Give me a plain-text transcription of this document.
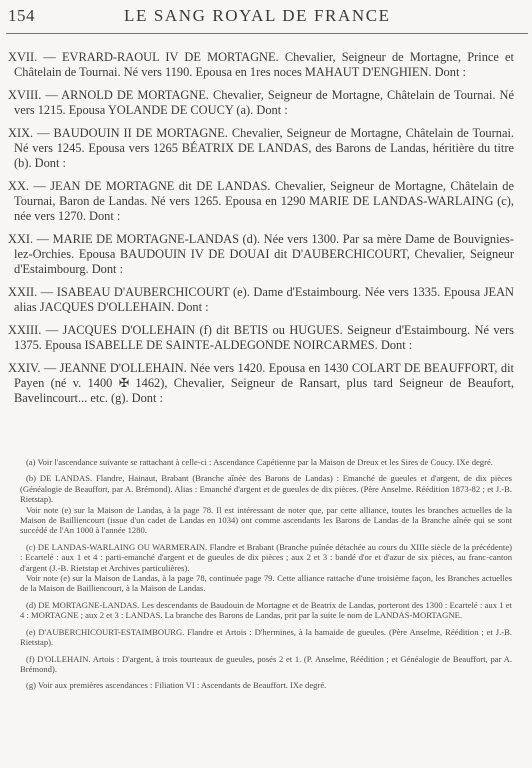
154	LE SANG ROYAL DE FRANCE

XVII. — EVRARD-RAOUL IV DE MORTAGNE. Chevalier, Seigneur de Mortagne, Prince et Châtelain de Tournai. Né vers 1190. Epousa en 1res noces MAHAUT D'ENGHIEN. Dont :

XVIII. — ARNOLD DE MORTAGNE. Chevalier, Seigneur de Mortagne, Châtelain de Tournai. Né vers 1215. Epousa YOLANDE DE COUCY (a). Dont :

XIX. — BAUDOUIN II DE MORTAGNE. Chevalier, Seigneur de Mortagne, Châtelain de Tournai. Né vers 1245. Epousa vers 1265 BÉATRIX DE LANDAS, des Barons de Landas, héritière du titre (b). Dont :

XX. — JEAN DE MORTAGNE dit DE LANDAS. Chevalier, Seigneur de Mortagne, Châtelain de Tournai, Baron de Landas. Né vers 1265. Epousa en 1290 MARIE DE LANDAS-WARLAING (c), née vers 1270. Dont :

XXI. — MARIE DE MORTAGNE-LANDAS (d). Née vers 1300. Par sa mère Dame de Bouvignies-lez-Orchies. Epousa BAUDOUIN IV DE DOUAI dit D'AUBERCHICOURT, Chevalier, Seigneur d'Estaimbourg. Dont :

XXII. — ISABEAU D'AUBERCHICOURT (e). Dame d'Estaimbourg. Née vers 1335. Epousa JEAN alias JACQUES D'OLLEHAIN. Dont :

XXIII. — JACQUES D'OLLEHAIN (f) dit BETIS ou HUGUES. Seigneur d'Estaimbourg. Né vers 1375. Epousa ISABELLE DE SAINTE-ALDEGONDE NOIRCARMES. Dont :

XXIV. — JEANNE D'OLLEHAIN. Née vers 1420. Epousa en 1430 COLART DE BEAUFFORT, dit Payen (né v. 1400 ✠ 1462), Chevalier, Seigneur de Ransart, plus tard Seigneur de Beaufort, Bavelincourt... etc. (g). Dont :

(a) Voir l'ascendance suivante se rattachant à celle-ci : Ascendance Capétienne par la Maison de Dreux et les Sires de Coucy. IXe degré.

(b) DE LANDAS. Flandre, Hainaut, Brabant (Branche aînée des Barons de Landas) : Emanché de gueules et d'argent, de dix pièces (Généalogie de Beauffort, par A. Brémond). Alias : Emanché d'argent et de gueules de dix pièces. (Père Anselme. Réédition 1873-82 ; et J.-B. Rietstap).

Voir note (e) sur la Maison de Landas, à la page 78. Il est intéressant de noter que, par cette alliance, toutes les branches actuelles de la Maison de Bailliencourt (issue d'un cadet de Landas en 1034) ont comme ascendants les Barons de Landas de la Branche aînée qui se sont succédé de l'An 1000 à l'année 1280.

(c) DE LANDAS-WARLAING OU WARMERAIN. Flandre et Brabant (Branche puînée détachée au cours du XIIIe siècle de la précédente) : Ecartelé : aux 1 et 4 : parti-emanché d'argent et de gueules de dix pièces ; aux 2 et 3 : bandé d'or et d'azur de six pièces, au franc-canton d'argent (J.-B. Rietstap et Archives particulières).

Voir note (e) sur la Maison de Landas, à la page 78, continuée page 79. Cette alliance rattache d'une troisième façon, les Branches actuelles de la Maison de Bailliencourt, à la Maison de Landas.

(d) DE MORTAGNE-LANDAS. Les descendants de Baudouin de Mortagne et de Beatrix de Landas, porteront des 1300 : Ecartelé : aux 1 et 4 : MORTAGNE ; aux 2 et 3 : LANDAS. La branche des Barons de Landas, prit par la suite le nom de LANDAS-MORTAGNE.

(e) D'AUBERCHICOURT-ESTAIMBOURG. Flandre et Artois : D'hermines, à la hamaide de gueules. (Père Anselme, Réédition ; et J.-B. Rietstap).

(f) D'OLLEHAIN. Artois : D'argent, à trois tourteaux de gueules, posés 2 et 1. (P. Anselme, Réédition ; et Généalogie de Beauffort, par A. Brémond).

(g) Voir aux premières ascendances : Filiation VI : Ascendants de Beauffort. IXe degré.
